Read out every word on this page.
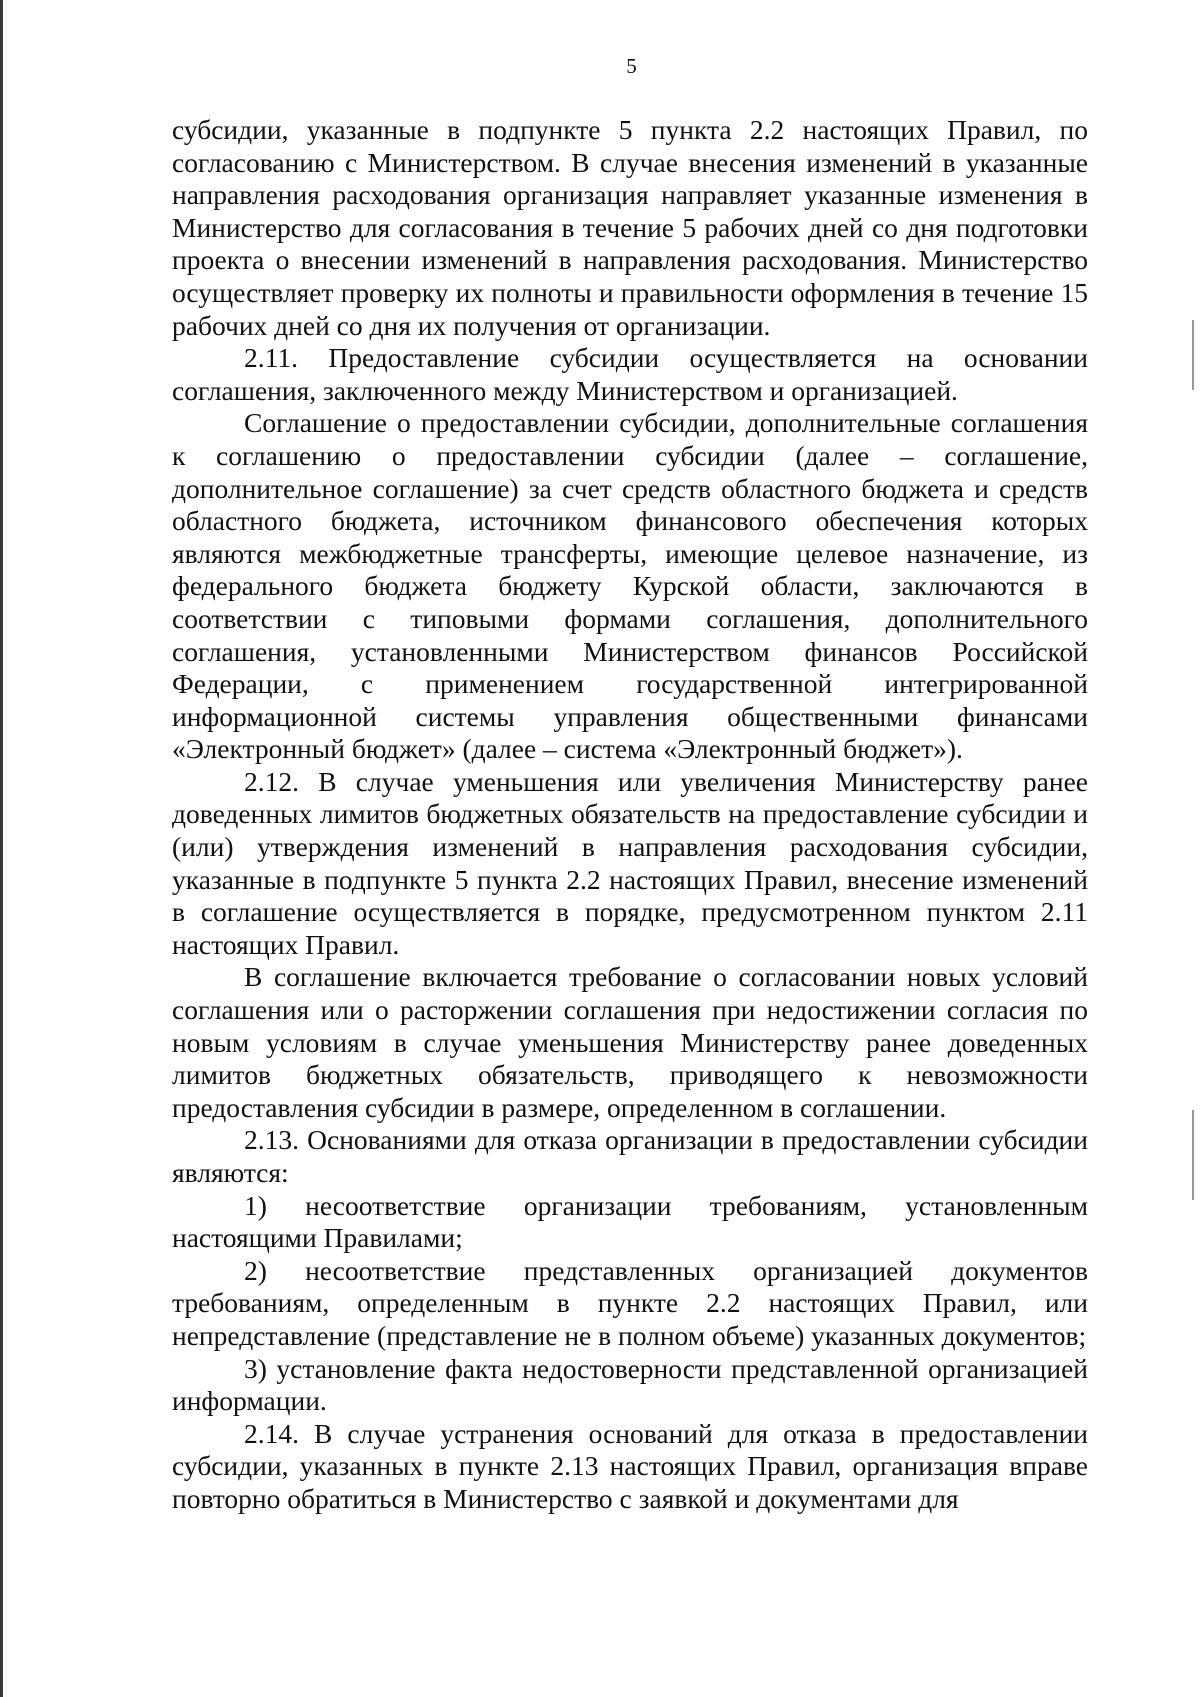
5

субсидии, указанные в подпункте 5 пункта 2.2 настоящих Правил, по согласованию с Министерством. В случае внесения изменений в указанные направления расходования организация направляет указанные изменения в Министерство для согласования в течение 5 рабочих дней со дня подготовки проекта о внесении изменений в направления расходования. Министерство осуществляет проверку их полноты и правильности оформления в течение 15 рабочих дней со дня их получения от организации.

2.11. Предоставление субсидии осуществляется на основании соглашения, заключенного между Министерством и организацией.

Соглашение о предоставлении субсидии, дополнительные соглашения к соглашению о предоставлении субсидии (далее – соглашение, дополнительное соглашение) за счет средств областного бюджета и средств областного бюджета, источником финансового обеспечения которых являются межбюджетные трансферты, имеющие целевое назначение, из федерального бюджета бюджету Курской области, заключаются в соответствии с типовыми формами соглашения, дополнительного соглашения, установленными Министерством финансов Российской Федерации, с применением государственной интегрированной информационной системы управления общественными финансами «Электронный бюджет» (далее – система «Электронный бюджет»).

2.12. В случае уменьшения или увеличения Министерству ранее доведенных лимитов бюджетных обязательств на предоставление субсидии и (или) утверждения изменений в направления расходования субсидии, указанные в подпункте 5 пункта 2.2 настоящих Правил, внесение изменений в соглашение осуществляется в порядке, предусмотренном пунктом 2.11 настоящих Правил.

В соглашение включается требование о согласовании новых условий соглашения или о расторжении соглашения при недостижении согласия по новым условиям в случае уменьшения Министерству ранее доведенных лимитов бюджетных обязательств, приводящего к невозможности предоставления субсидии в размере, определенном в соглашении.

2.13. Основаниями для отказа организации в предоставлении субсидии являются:

1) несоответствие организации требованиям, установленным настоящими Правилами;

2) несоответствие представленных организацией документов требованиям, определенным в пункте 2.2 настоящих Правил, или непредставление (представление не в полном объеме) указанных документов;

3) установление факта недостоверности представленной организацией информации.

2.14. В случае устранения оснований для отказа в предоставлении субсидии, указанных в пункте 2.13 настоящих Правил, организация вправе повторно обратиться в Министерство с заявкой и документами для
